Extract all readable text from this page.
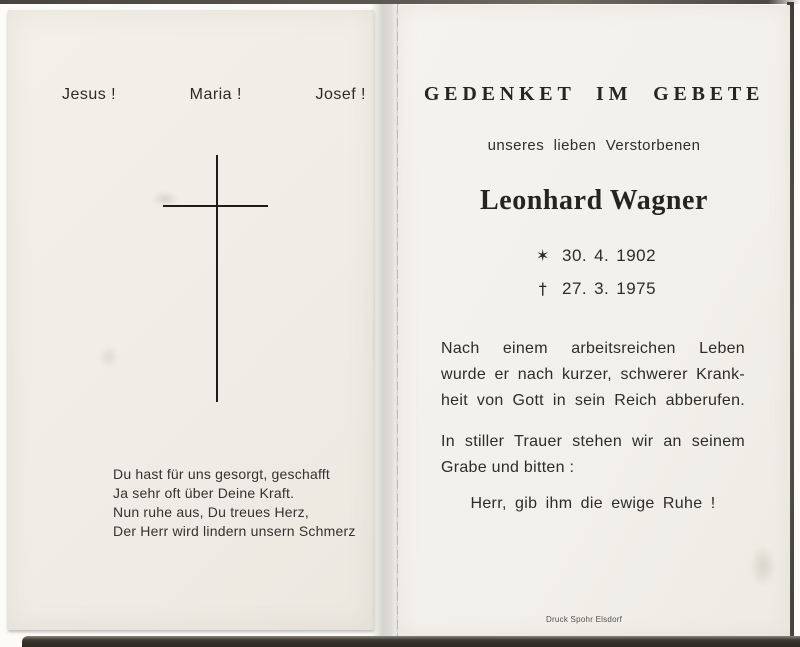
Jesus !	Maria !	Josef !
Du hast für uns gesorgt, geschafft
Ja sehr oft über Deine Kraft.
Nun ruhe aus, Du treues Herz,
Der Herr wird lindern unsern Schmerz
GEDENKET IM GEBETE
unseres lieben Verstorbenen
Leonhard Wagner
✶ 30. 4. 1902
† 27. 3. 1975
Nach einem arbeitsreichen Leben
wurde er nach kurzer, schwerer Krank-
heit von Gott in sein Reich abberufen.
In stiller Trauer stehen wir an seinem
Grabe und bitten :
Herr, gib ihm die ewige Ruhe !
Druck Spohr Elsdorf
